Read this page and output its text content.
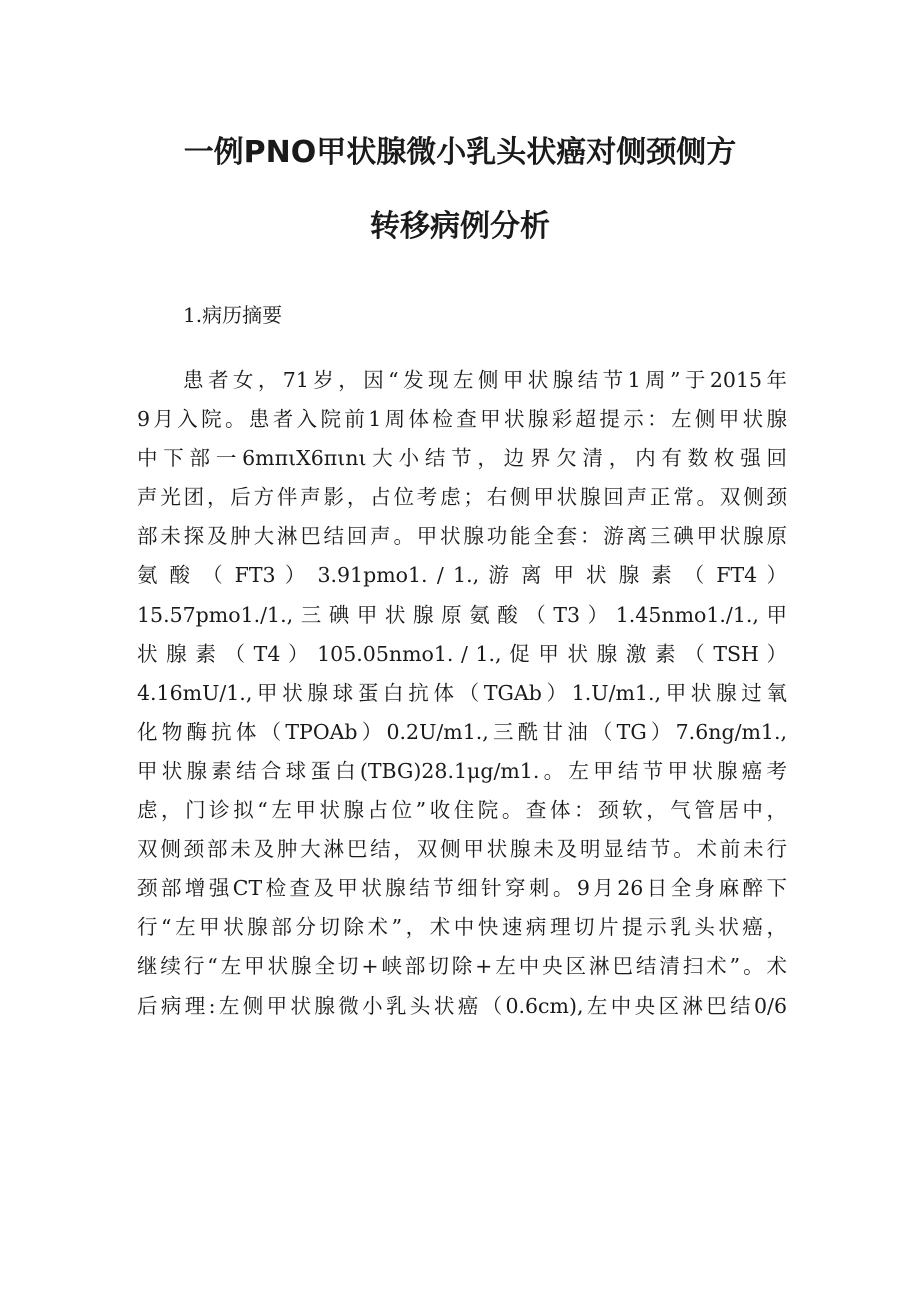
一例PNO甲状腺微小乳头状癌对侧颈侧方
转移病例分析
1.病历摘要
患者女，71岁，因“发现左侧甲状腺结节1周”于2015年
9月入院。患者入院前1周体检查甲状腺彩超提示：左侧甲状腺
中下部一6mπιX6πιnι大小结节，边界欠清，内有数枚强回
声光团，后方伴声影，占位考虑；右侧甲状腺回声正常。双侧颈
部未探及肿大淋巴结回声。甲状腺功能全套：游离三碘甲状腺原
氨 酸 （ FT3 ） 3.91pmo1. / 1., 游 离 甲 状 腺 素 （ FT4 ）
15.57pmo1./1.,三碘甲状腺原氨酸（T3）1.45nmo1./1.,甲
状 腺 素 （ T4 ） 105.05nmo1. / 1., 促 甲 状 腺 激 素 （ TSH ）
4.16mU/1.,甲状腺球蛋白抗体（TGAb）1.U/m1.,甲状腺过氧
化物酶抗体（TPOAb）0.2U/m1.,三酰甘油（TG）7.6ng/m1.,
甲状腺素结合球蛋白(TBG)28.1μg/m1.。左甲结节甲状腺癌考
虑，门诊拟“左甲状腺占位”收住院。查体：颈软，气管居中，
双侧颈部未及肿大淋巴结，双侧甲状腺未及明显结节。术前未行
颈部增强CT检查及甲状腺结节细针穿刺。9月26日全身麻醉下
行“左甲状腺部分切除术”，术中快速病理切片提示乳头状癌，
继续行“左甲状腺全切+峡部切除+左中央区淋巴结清扫术”。术
后病理:左侧甲状腺微小乳头状癌（0.6cm),左中央区淋巴结0/6
